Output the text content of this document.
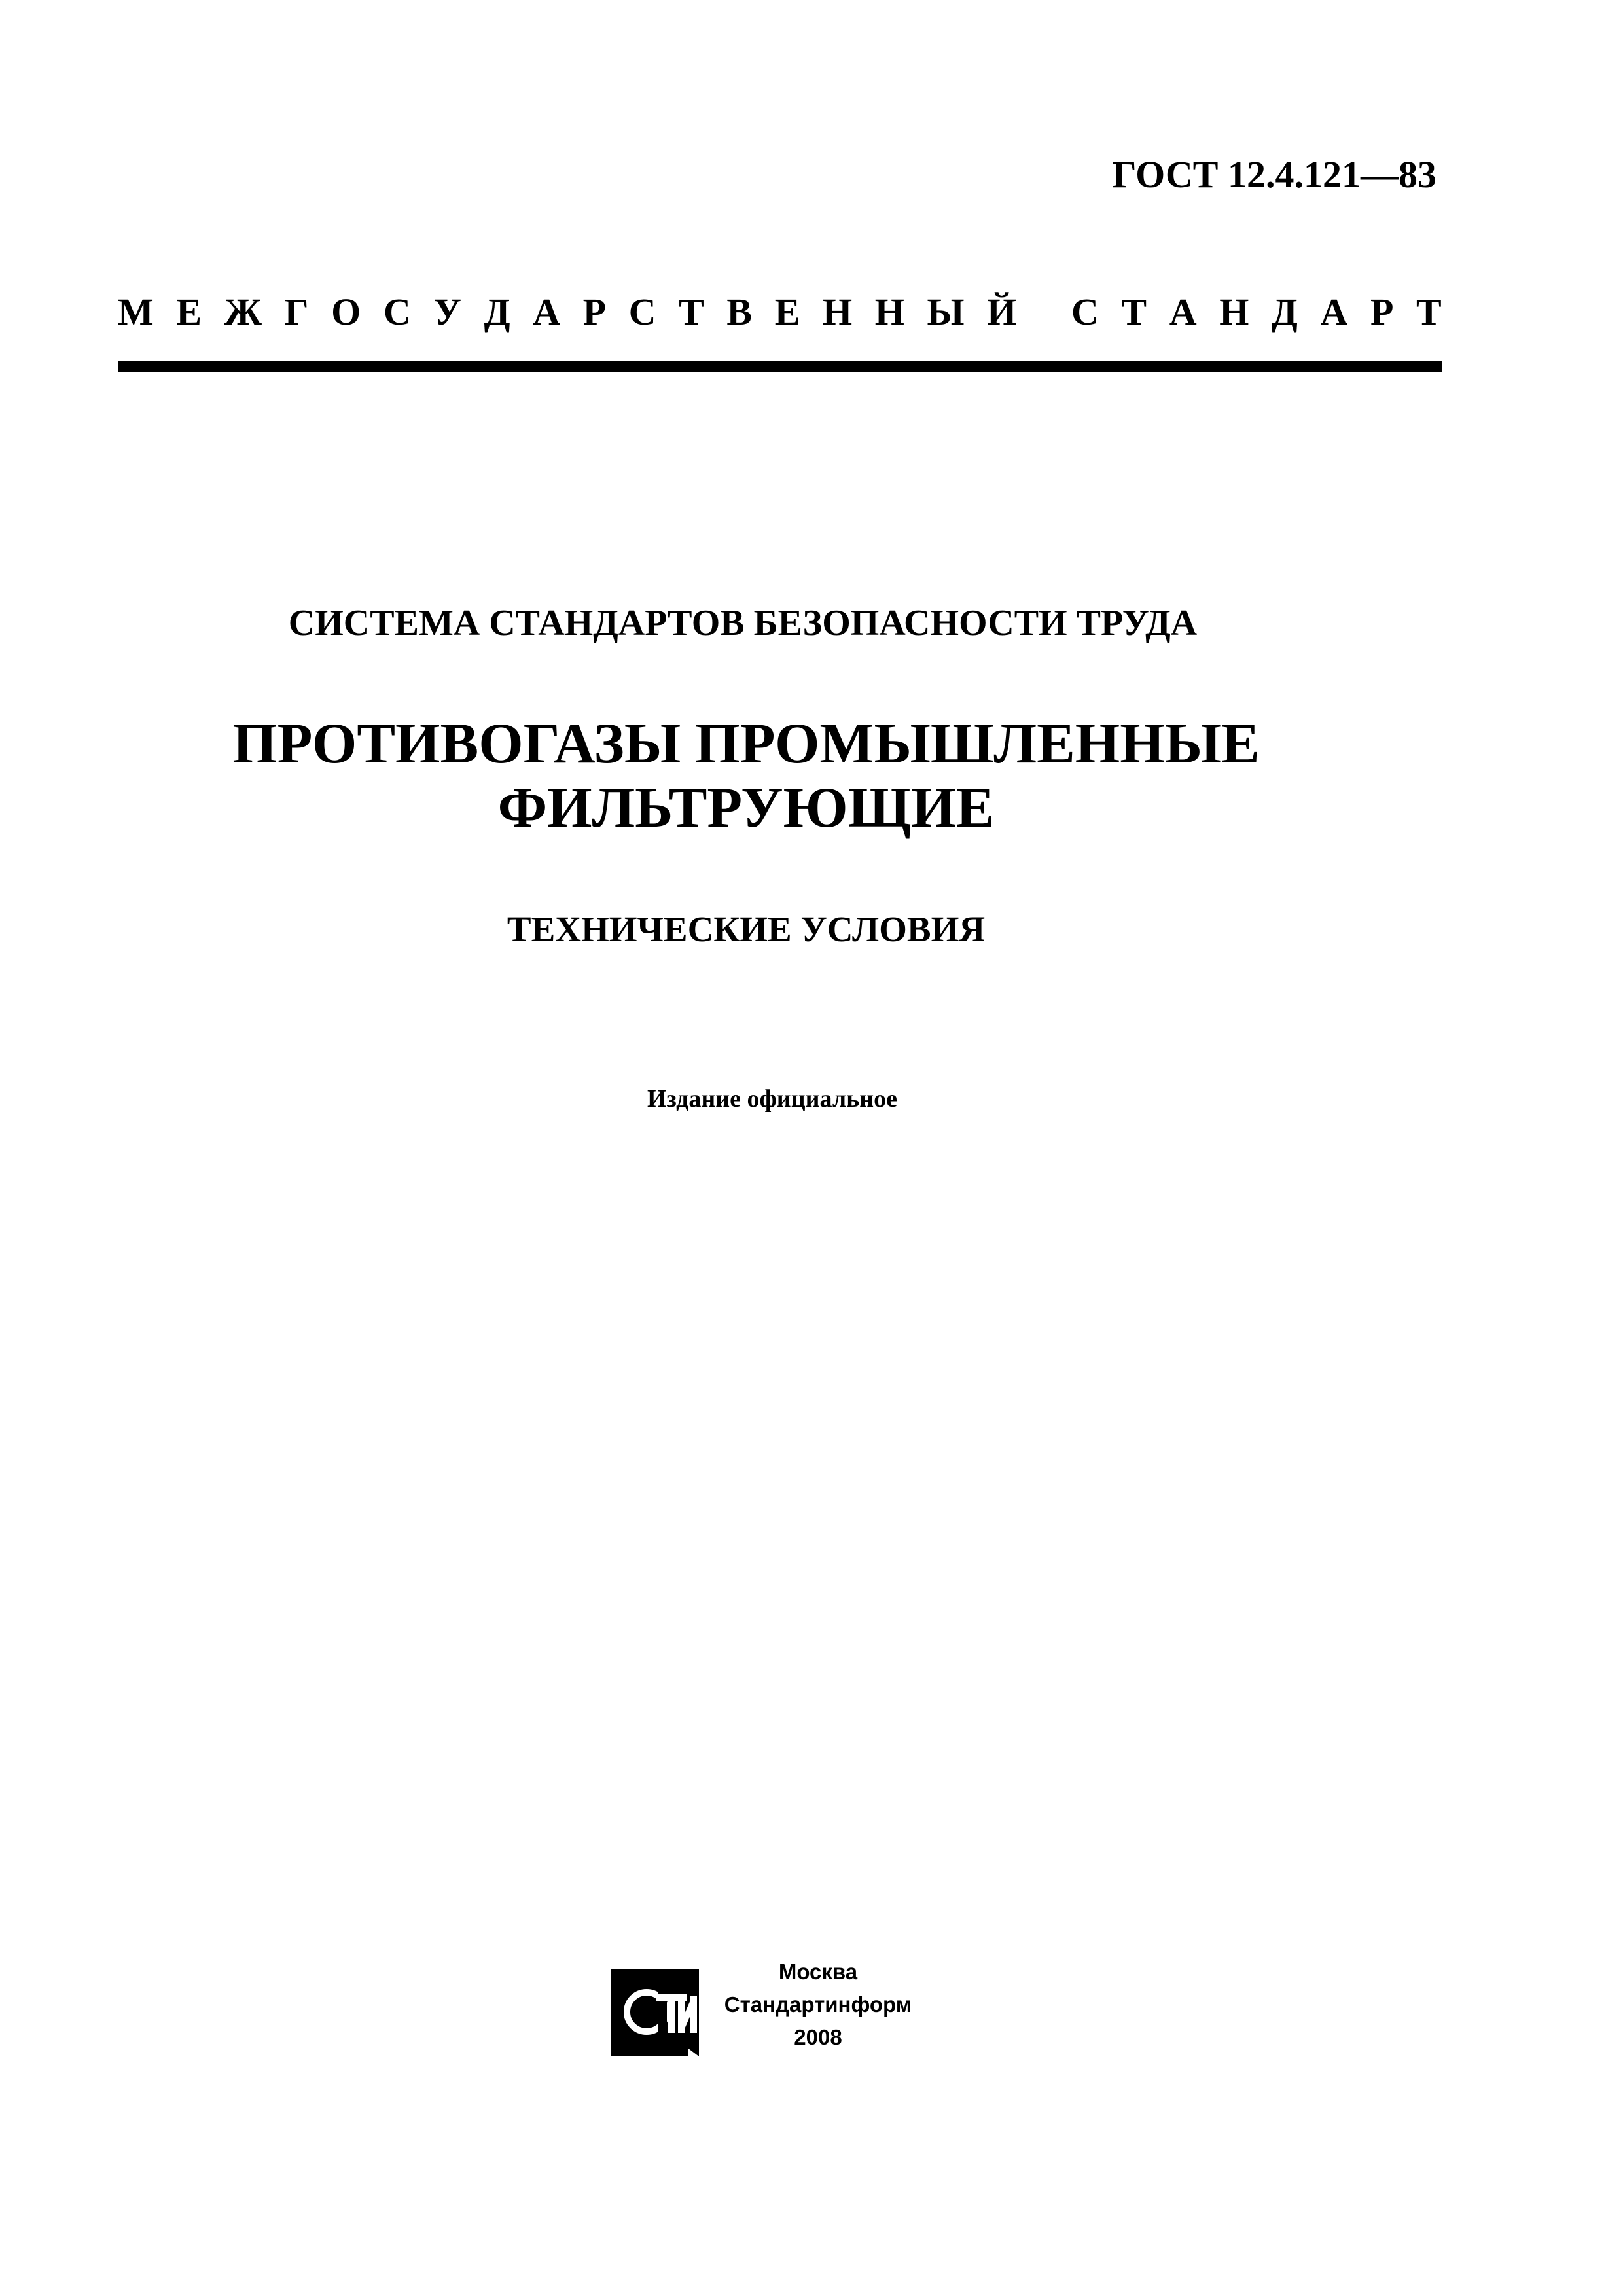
ГОСТ 12.4.121—83
М Е Ж Г О С У Д А Р С Т В Е Н Н Ы Й
С Т А Н Д А Р Т
СИСТЕМА СТАНДАРТОВ БЕЗОПАСНОСТИ ТРУДА
ПРОТИВОГАЗЫ ПРОМЫШЛЕННЫЕ
ФИЛЬТРУЮЩИЕ
ТЕХНИЧЕСКИЕ УСЛОВИЯ
Издание официальное
Москва
Стандартинформ
2008
